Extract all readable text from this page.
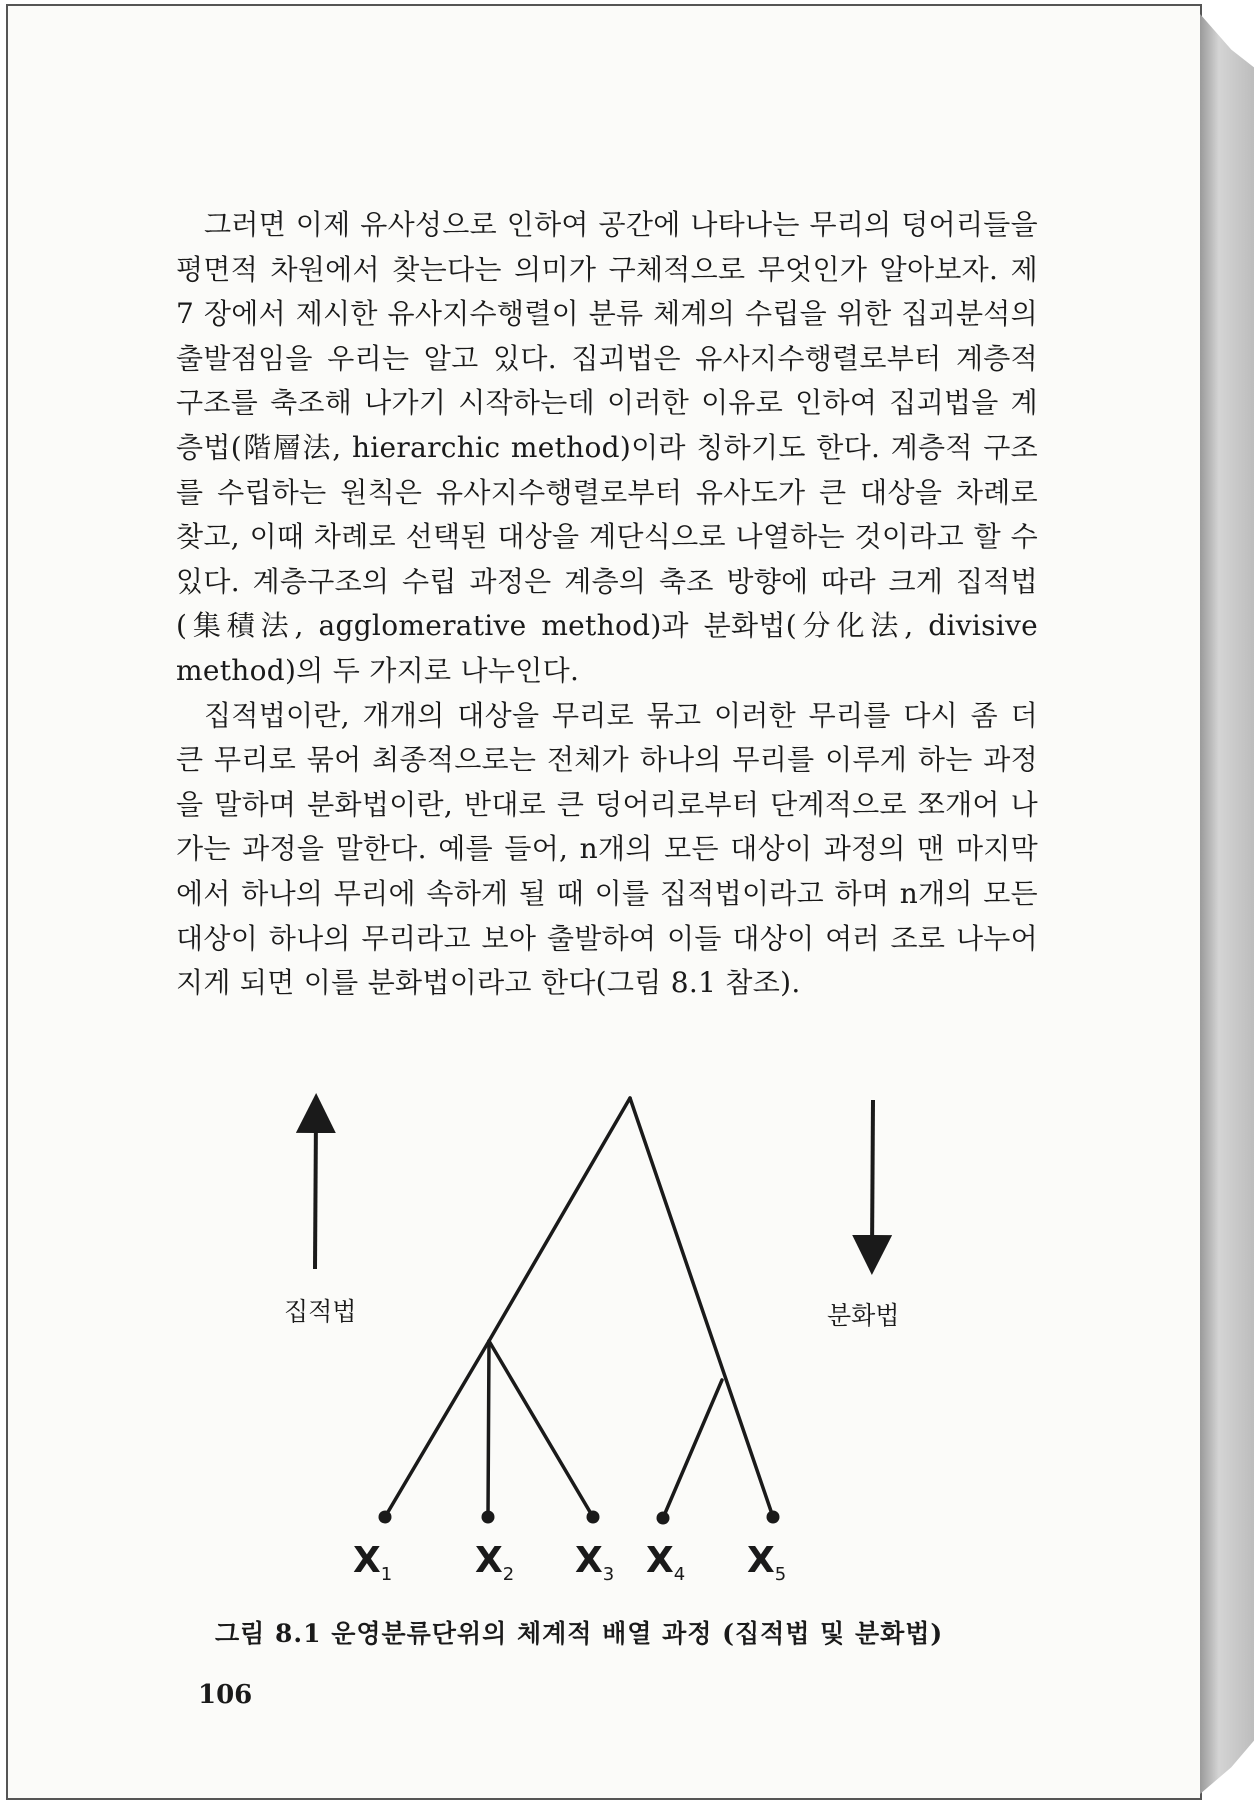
그러면 이제 유사성으로 인하여 공간에 나타나는 무리의 덩어리들을 평면적 차원에서 찾는다는 의미가 구체적으로 무엇인가 알아보자. 제 7 장에서 제시한 유사지수행렬이 분류 체계의 수립을 위한 집괴분석의 출발점임을 우리는 알고 있다. 집괴법은 유사지수행렬로부터 계층적 구조를 축조해 나가기 시작하는데 이러한 이유로 인하여 집괴법을 계층법(階層法, hierarchic method)이라 칭하기도 한다. 계층적 구조를 수립하는 원칙은 유사지수행렬로부터 유사도가 큰 대상을 차례로 찾고, 이때 차례로 선택된 대상을 계단식으로 나열하는 것이라고 할 수 있다. 계층구조의 수립 과정은 계층의 축조 방향에 따라 크게 집적법(集積法, agglomerative method)과 분화법(分化法, divisive method)의 두 가지로 나누인다.

집적법이란, 개개의 대상을 무리로 묶고 이러한 무리를 다시 좀 더 큰 무리로 묶어 최종적으로는 전체가 하나의 무리를 이루게 하는 과정을 말하며 분화법이란, 반대로 큰 덩어리로부터 단계적으로 쪼개어 나가는 과정을 말한다. 예를 들어, n개의 모든 대상이 과정의 맨 마지막에서 하나의 무리에 속하게 될 때 이를 집적법이라고 하며 n개의 모든 대상이 하나의 무리라고 보아 출발하여 이들 대상이 여러 조로 나누어지게 되면 이를 분화법이라고 한다(그림 8.1 참조).

집적법	분화법
$X_1$	$X_2$	$X_3$ $X_4$	$X_5$
그림 8.1 운영분류단위의 체계적 배열 과정 (집적법 및 분화법)
106
